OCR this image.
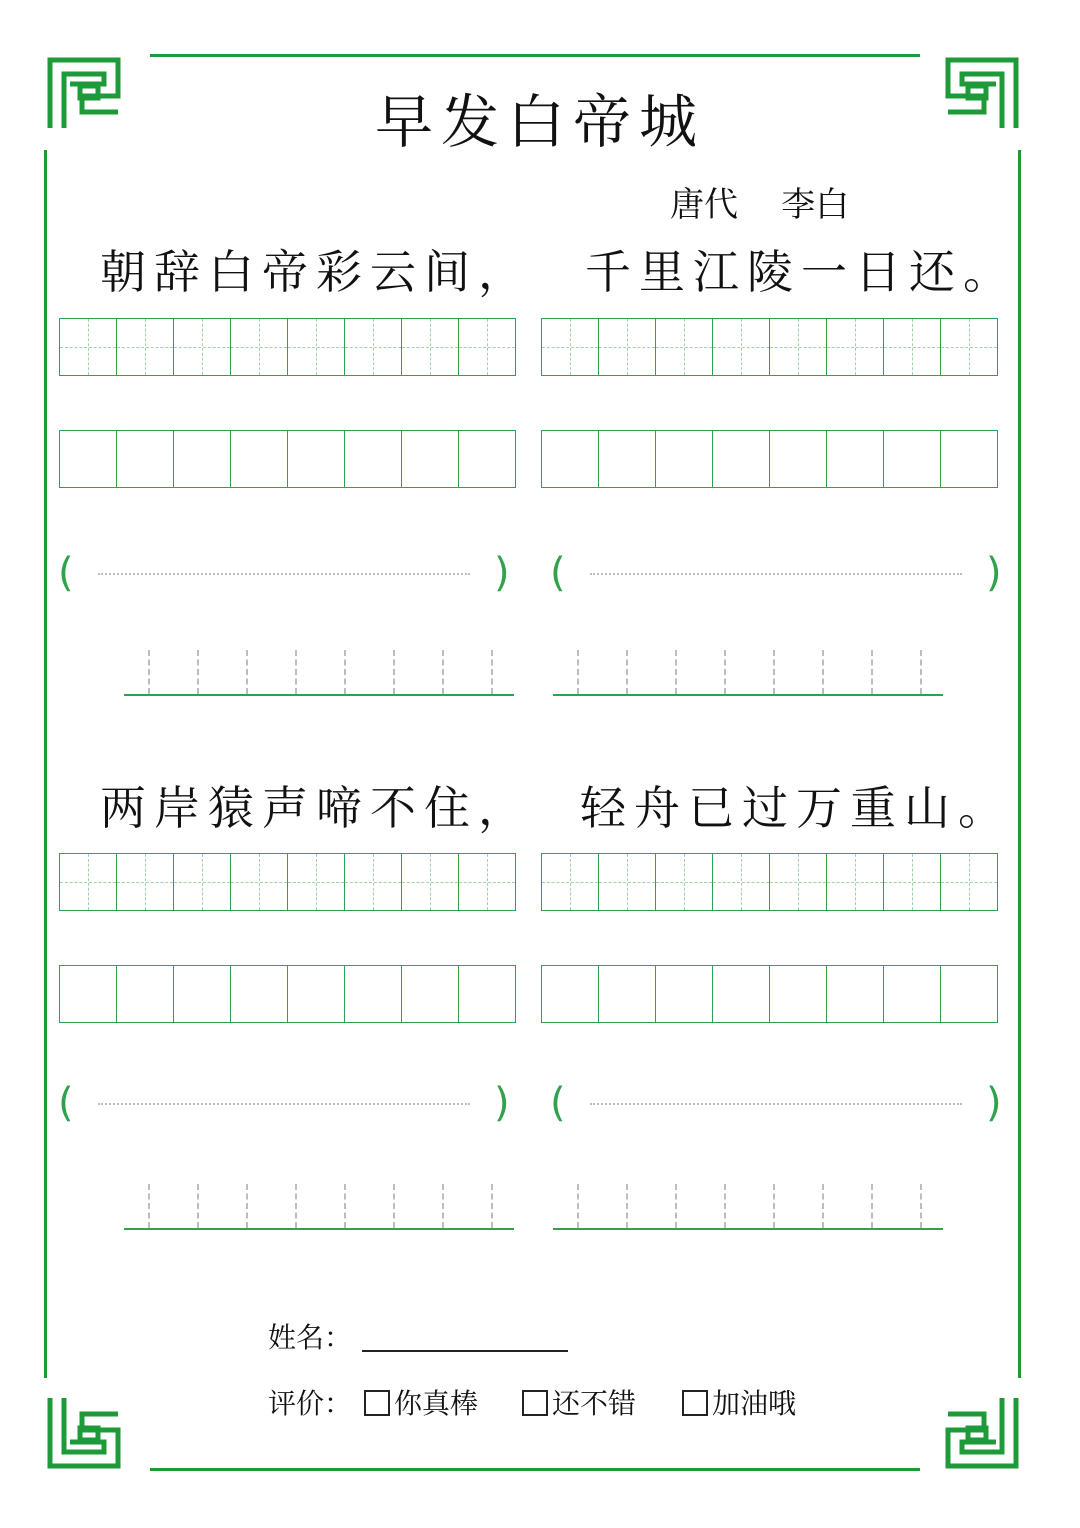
早发白帝城
唐代    李白
朝辞白帝彩云间， 千里江陵一日还。
(	) (	)
两岸猿声啼不住， 轻舟已过万重山。
(	) (	)
姓名：
评价：	你真棒	还不错	加油哦
